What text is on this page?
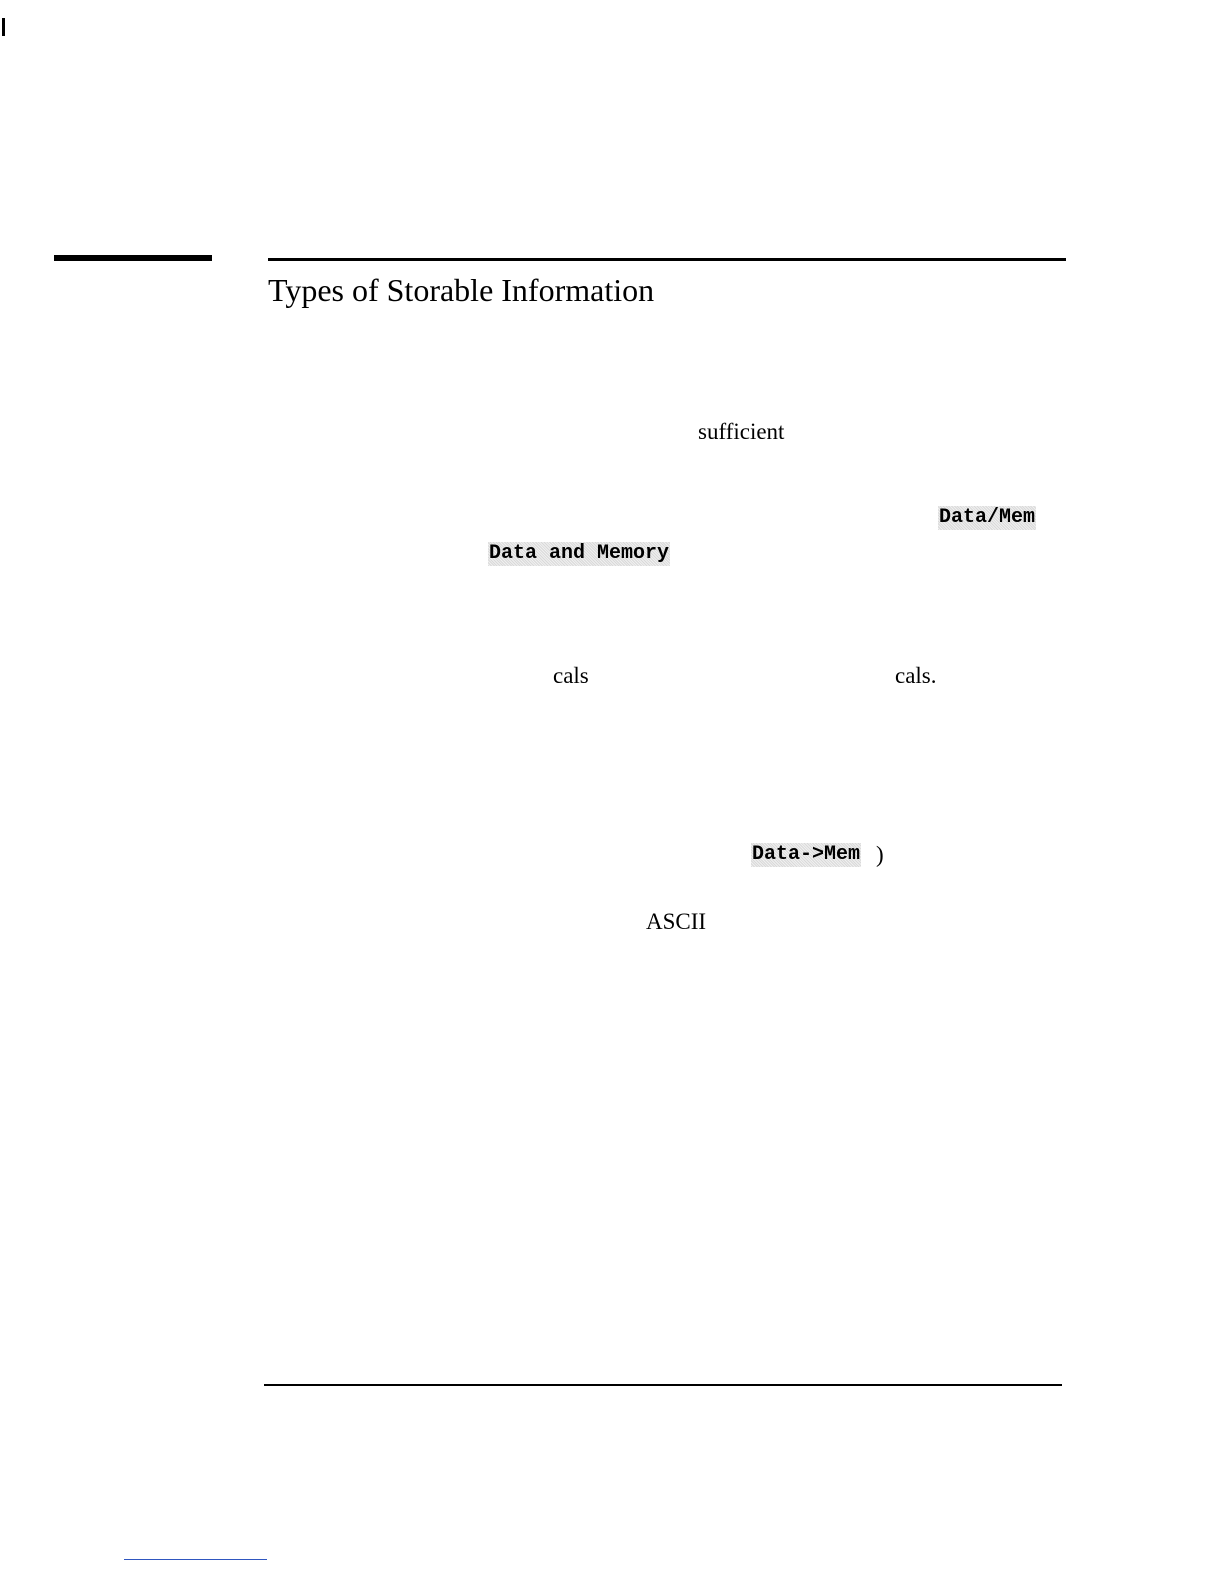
Types of Storable Information
sufficient
Data/Mem
Data and Memory
cals	cals.
Data->Mem )
ASCII
